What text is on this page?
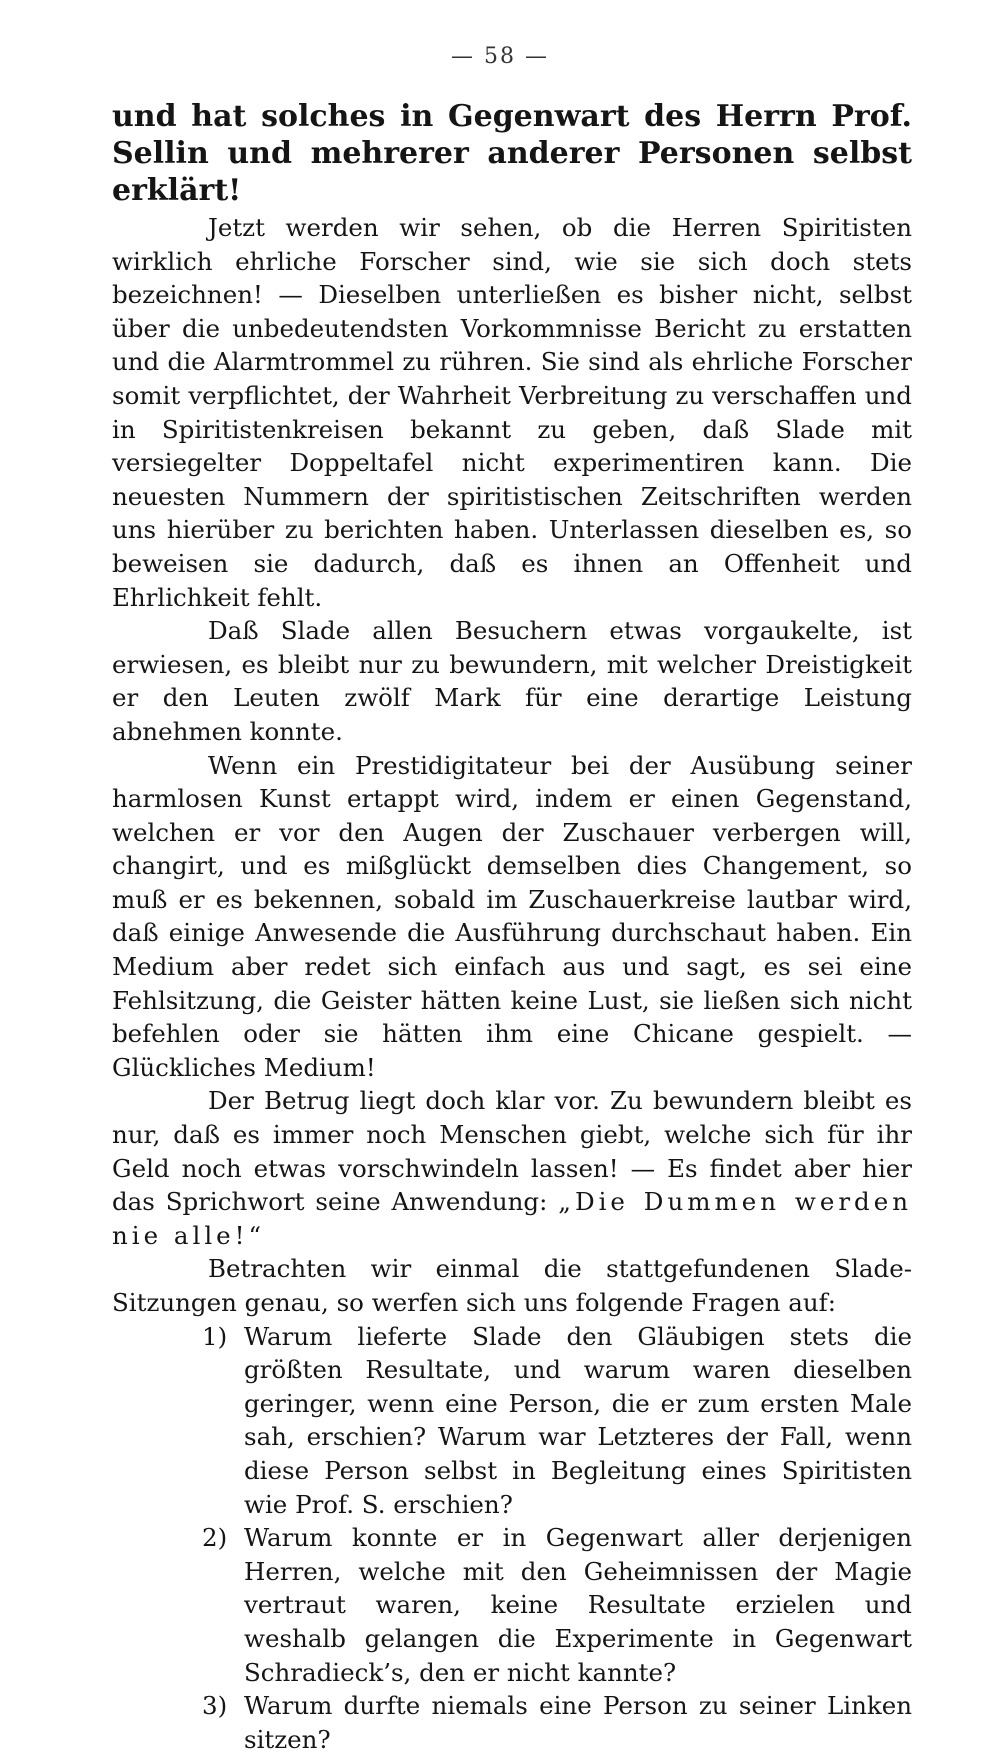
— 58 —
und hat solches in Gegenwart des Herrn Prof. Sellin und mehrerer anderer Personen selbst erklärt!

Jetzt werden wir sehen, ob die Herren Spiritisten wirklich ehrliche Forscher sind, wie sie sich doch stets bezeichnen! — Dieselben unterließen es bisher nicht, selbst über die unbedeutendsten Vorkommnisse Bericht zu erstatten und die Alarmtrommel zu rühren. Sie sind als ehrliche Forscher somit verpflichtet, der Wahrheit Verbreitung zu verschaffen und in Spiritistenkreisen bekannt zu geben, daß Slade mit versiegelter Doppeltafel nicht experimentiren kann. Die neuesten Nummern der spiritistischen Zeitschriften werden uns hierüber zu berichten haben. Unterlassen dieselben es, so beweisen sie dadurch, daß es ihnen an Offenheit und Ehrlichkeit fehlt.

Daß Slade allen Besuchern etwas vorgaukelte, ist erwiesen, es bleibt nur zu bewundern, mit welcher Dreistigkeit er den Leuten zwölf Mark für eine derartige Leistung abnehmen konnte.

Wenn ein Prestidigitateur bei der Ausübung seiner harmlosen Kunst ertappt wird, indem er einen Gegenstand, welchen er vor den Augen der Zuschauer verbergen will, changirt, und es mißglückt demselben dies Changement, so muß er es bekennen, sobald im Zuschauerkreise lautbar wird, daß einige Anwesende die Ausführung durchschaut haben. Ein Medium aber redet sich einfach aus und sagt, es sei eine Fehlsitzung, die Geister hätten keine Lust, sie ließen sich nicht befehlen oder sie hätten ihm eine Chicane gespielt. — Glückliches Medium!

Der Betrug liegt doch klar vor. Zu bewundern bleibt es nur, daß es immer noch Menschen giebt, welche sich für ihr Geld noch etwas vorschwindeln lassen! — Es findet aber hier das Sprichwort seine Anwendung: „Die Dummen werden nie alle!“

Betrachten wir einmal die stattgefundenen Slade-Sitzungen genau, so werfen sich uns folgende Fragen auf:

1) Warum lieferte Slade den Gläubigen stets die größten Resultate, und warum waren dieselben geringer, wenn eine Person, die er zum ersten Male sah, erschien? Warum war Letzteres der Fall, wenn diese Person selbst in Begleitung eines Spiritisten wie Prof. S. erschien?
2) Warum konnte er in Gegenwart aller derjenigen Herren, welche mit den Geheimnissen der Magie vertraut waren, keine Resultate erzielen und weshalb gelangen die Experimente in Gegenwart Schradieck’s, den er nicht kannte?
3) Warum durfte niemals eine Person zu seiner Linken sitzen?
